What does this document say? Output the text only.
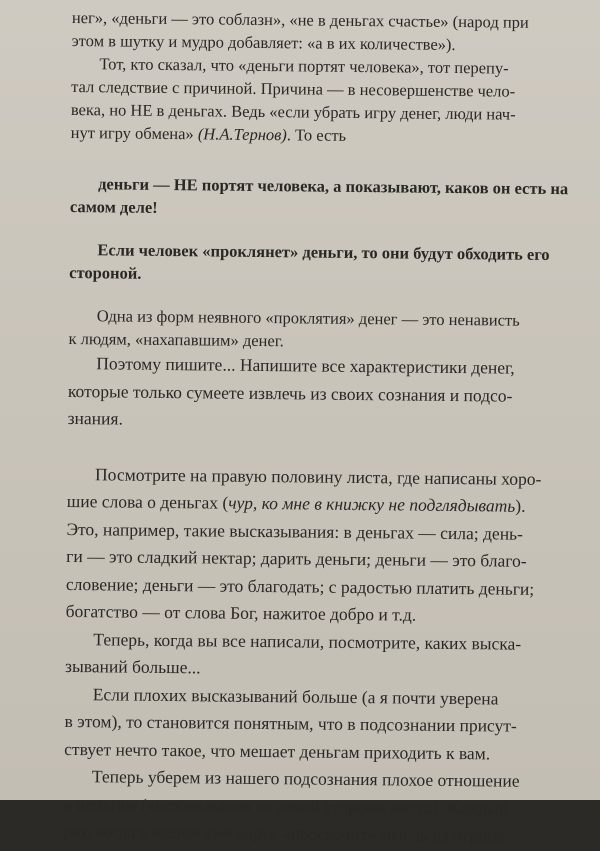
нег», «деньги — это соблазн», «не в деньгах счастье» (народ при
этом в шутку и мудро добавляет: «а в их количестве»).
Тот, кто сказал, что «деньги портят человека», тот перепу-
тал следствие с причиной. Причина — в несовершенстве чело-
века, но НЕ в деньгах. Ведь «если убрать игру денег, люди нач-
нут игру обмена» (Н.А.Тернов). То есть
деньги — НЕ портят человека, а показывают, каков он есть на
самом деле!
Если человек «проклянет» деньги, то они будут обходить его
стороной.
Одна из форм неявного «проклятия» денег — это ненависть
к людям, «нахапавшим» денег.
Поэтому пишите... Напишите все характеристики денег,
которые только сумеете извлечь из своих сознания и подсо-
знания.
Посмотрите на правую половину листа, где написаны хоро-
шие слова о деньгах (чур, ко мне в книжку не подглядывать).
Это, например, такие высказывания: в деньгах — сила; день-
ги — это сладкий нектар; дарить деньги; деньги — это благо-
словение; деньги — это благодать; с радостью платить деньги;
богатство — от слова Бог, нажитое добро и т.д.
Теперь, когда вы все написали, посмотрите, каких выска-
зываний больше...
Если плохих высказываний больше (а я почти уверена
в этом), то становится понятным, что в подсознании присут-
ствует нечто такое, что мешает деньгам приходить к вам.
Теперь уберем из нашего подсознания плохое отношение
к деньгам (высказывания из левой стороны листа). Каждый
раз, когда в вашем уме вдруг «проскочит» мысль из отрица
